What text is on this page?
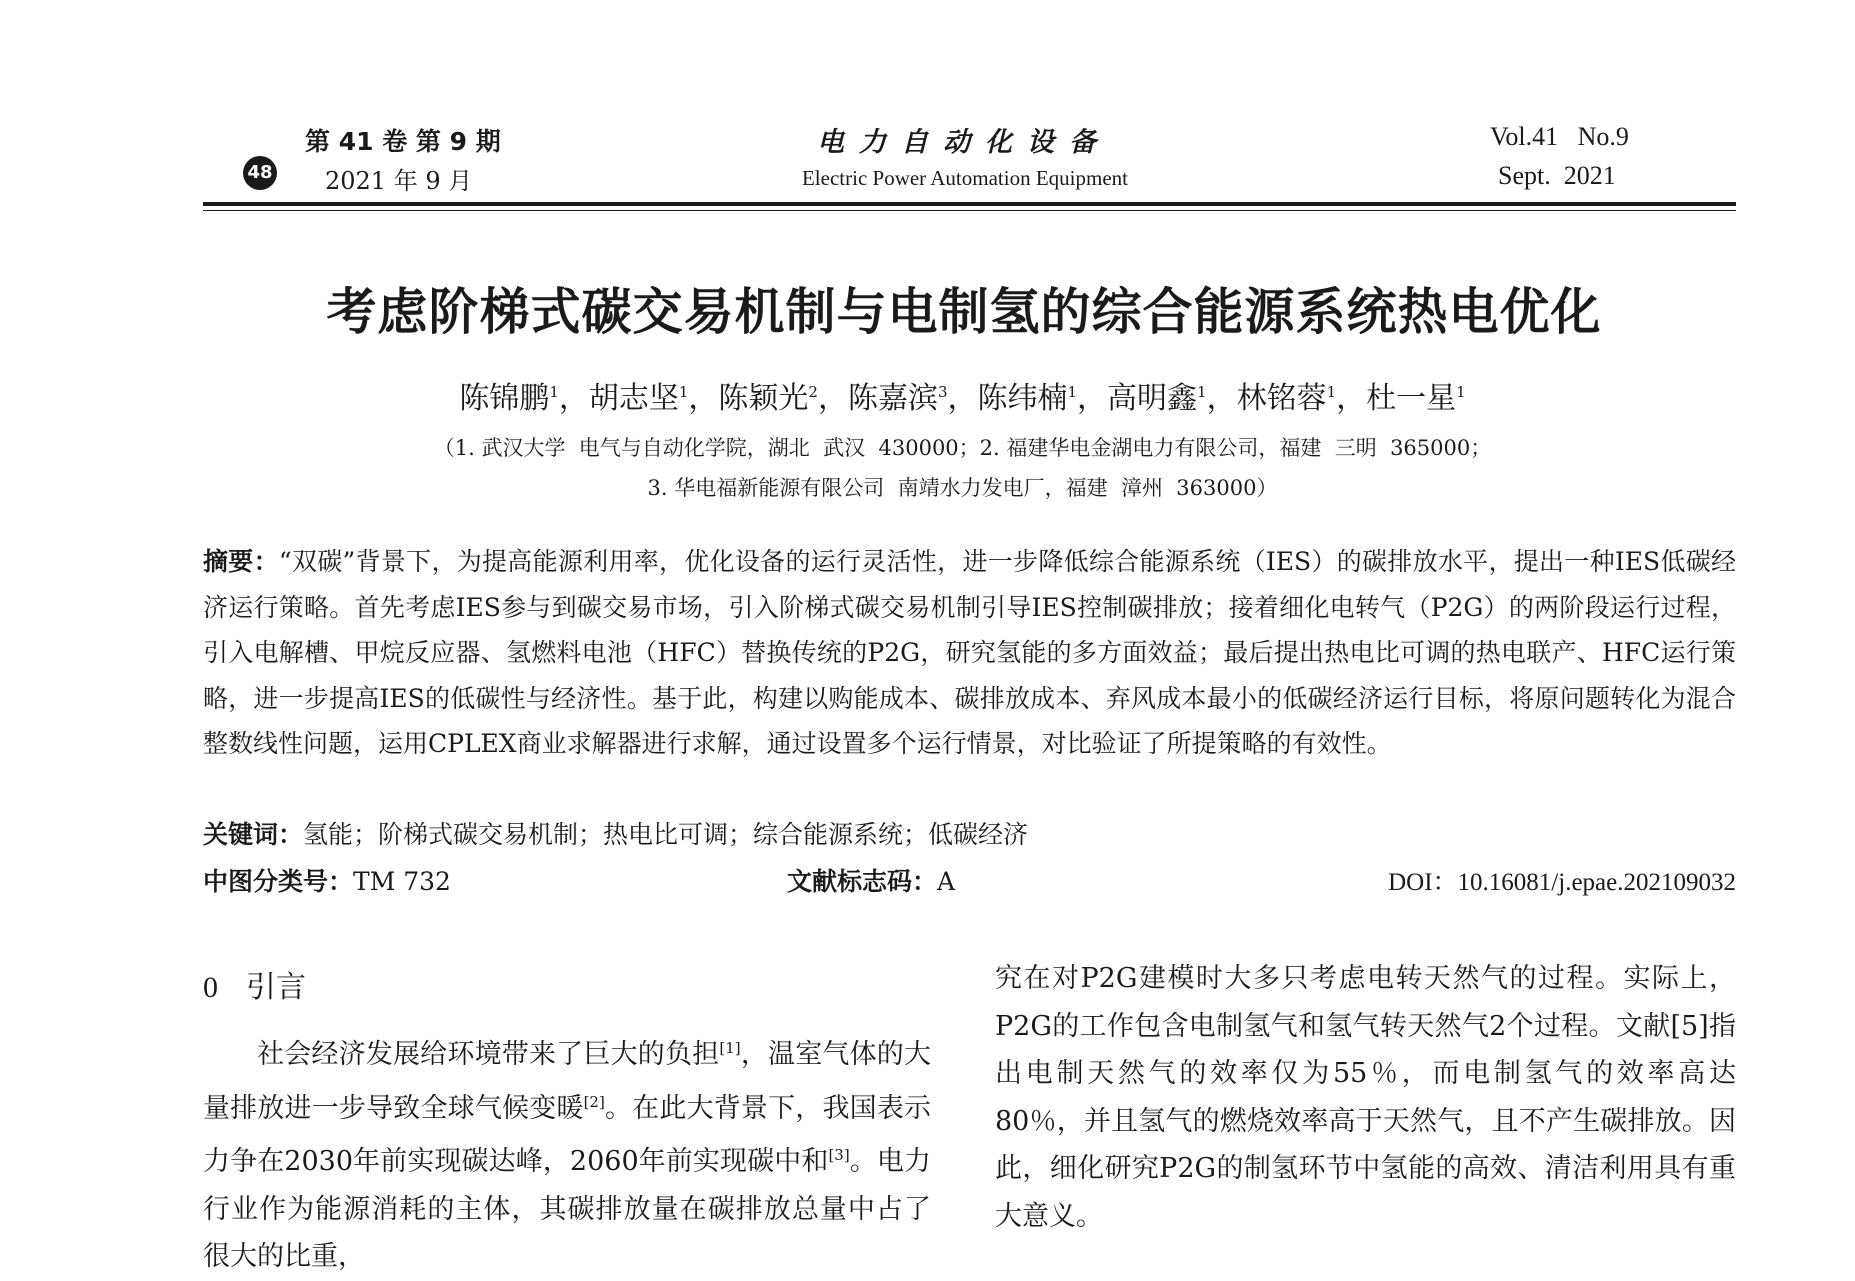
48
第 41 卷 第 9 期
2021 年 9 月
电力自动化设备
Electric Power Automation Equipment
Vol.41   No.9
Sept.  2021
考虑阶梯式碳交易机制与电制氢的综合能源系统热电优化
陈锦鹏$^1$，胡志坚$^1$，陈颖光$^2$，陈嘉滨$^3$，陈纬楠$^1$，高明鑫$^1$，林铭蓉$^1$，杜一星$^1$
（1. 武汉大学  电气与自动化学院，湖北  武汉  430000；2. 福建华电金湖电力有限公司，福建  三明  365000；
3. 华电福新能源有限公司  南靖水力发电厂，福建  漳州  363000）
摘要：“双碳”背景下，为提高能源利用率，优化设备的运行灵活性，进一步降低综合能源系统（IES）的碳排放水平，提出一种IES低碳经济运行策略。首先考虑IES参与到碳交易市场，引入阶梯式碳交易机制引导IES控制碳排放；接着细化电转气（P2G）的两阶段运行过程，引入电解槽、甲烷反应器、氢燃料电池（HFC）替换传统的P2G，研究氢能的多方面效益；最后提出热电比可调的热电联产、HFC运行策略，进一步提高IES的低碳性与经济性。基于此，构建以购能成本、碳排放成本、弃风成本最小的低碳经济运行目标，将原问题转化为混合整数线性问题，运用CPLEX商业求解器进行求解，通过设置多个运行情景，对比验证了所提策略的有效性。
关键词：氢能；阶梯式碳交易机制；热电比可调；综合能源系统；低碳经济
中图分类号：TM 732	文献标志码：A	DOI：10.16081/j.epae.202109032
0 引言
社会经济发展给环境带来了巨大的负担[1]，温室气体的大量排放进一步导致全球气候变暖[2]。在此大背景下，我国表示力争在2030年前实现碳达峰，2060年前实现碳中和[3]。电力行业作为能源消耗的主体，其碳排放量在碳排放总量中占了很大的比重，
究在对P2G建模时大多只考虑电转天然气的过程。实际上，P2G的工作包含电制氢气和氢气转天然气2个过程。文献[5]指出电制天然气的效率仅为55％，而电制氢气的效率高达80％，并且氢气的燃烧效率高于天然气，且不产生碳排放。因此，细化研究P2G的制氢环节中氢能的高效、清洁利用具有重大意义。
